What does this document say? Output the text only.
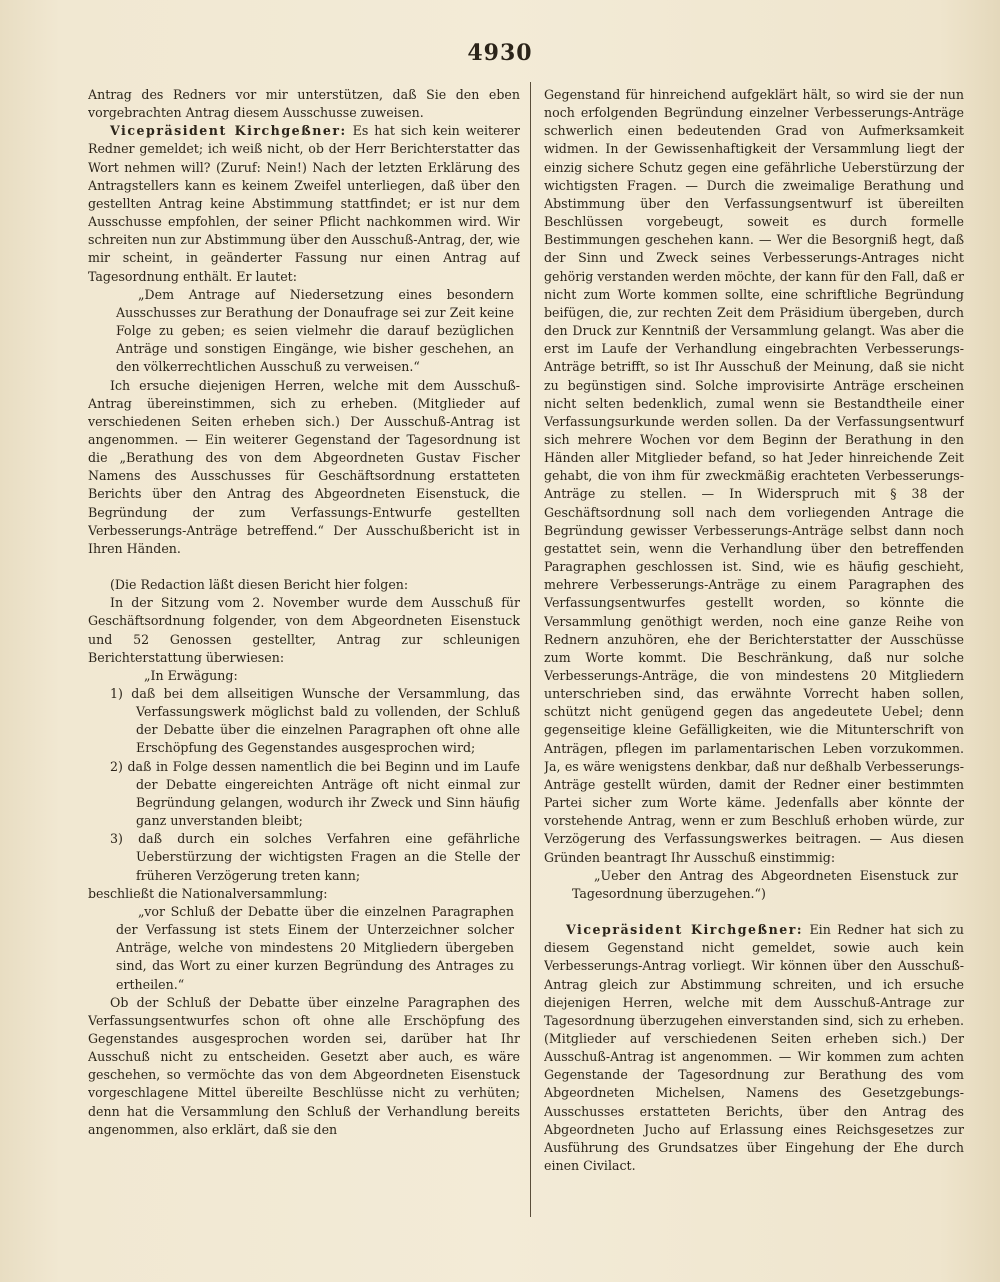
4930

Antrag des Redners vor mir unterstützen, daß Sie den eben vorgebrachten Antrag diesem Ausschusse zuweisen.

Vicepräsident Kirchgeßner: Es hat sich kein weiterer Redner gemeldet; ich weiß nicht, ob der Herr Berichterstatter das Wort nehmen will? (Zuruf: Nein!) Nach der letzten Erklärung des Antragstellers kann es keinem Zweifel unterliegen, daß über den gestellten Antrag keine Abstimmung stattfindet; er ist nur dem Ausschusse empfohlen, der seiner Pflicht nachkommen wird. Wir schreiten nun zur Abstimmung über den Ausschuß-Antrag, der, wie mir scheint, in geänderter Fassung nur einen Antrag auf Tagesordnung enthält. Er lautet:

„Dem Antrage auf Niedersetzung eines besondern Ausschusses zur Berathung der Donaufrage sei zur Zeit keine Folge zu geben; es seien vielmehr die darauf bezüglichen Anträge und sonstigen Eingänge, wie bisher geschehen, an den völkerrechtlichen Ausschuß zu verweisen.“

Ich ersuche diejenigen Herren, welche mit dem Ausschuß-Antrag übereinstimmen, sich zu erheben. (Mitglieder auf verschiedenen Seiten erheben sich.) Der Ausschuß-Antrag ist angenommen. — Ein weiterer Gegenstand der Tagesordnung ist die „Berathung des von dem Abgeordneten Gustav Fischer Namens des Ausschusses für Geschäftsordnung erstatteten Berichts über den Antrag des Abgeordneten Eisenstuck, die Begründung der zum Verfassungs-Entwurfe gestellten Verbesserungs-Anträge betreffend.“ Der Ausschußbericht ist in Ihren Händen.

(Die Redaction läßt diesen Bericht hier folgen:

In der Sitzung vom 2. November wurde dem Ausschuß für Geschäftsordnung folgender, von dem Abgeordneten Eisenstuck und 52 Genossen gestellter, Antrag zur schleunigen Berichterstattung überwiesen:

„In Erwägung:

1) daß bei dem allseitigen Wunsche der Versammlung, das Verfassungswerk möglichst bald zu vollenden, der Schluß der Debatte über die einzelnen Paragraphen oft ohne alle Erschöpfung des Gegenstandes ausgesprochen wird;

2) daß in Folge dessen namentlich die bei Beginn und im Laufe der Debatte eingereichten Anträge oft nicht einmal zur Begründung gelangen, wodurch ihr Zweck und Sinn häufig ganz unverstanden bleibt;

3) daß durch ein solches Verfahren eine gefährliche Ueberstürzung der wichtigsten Fragen an die Stelle der früheren Verzögerung treten kann;

beschließt die Nationalversammlung:

„vor Schluß der Debatte über die einzelnen Paragraphen der Verfassung ist stets Einem der Unterzeichner solcher Anträge, welche von mindestens 20 Mitgliedern übergeben sind, das Wort zu einer kurzen Begründung des Antrages zu ertheilen.“

Ob der Schluß der Debatte über einzelne Paragraphen des Verfassungsentwurfes schon oft ohne alle Erschöpfung des Gegenstandes ausgesprochen worden sei, darüber hat Ihr Ausschuß nicht zu entscheiden. Gesetzt aber auch, es wäre geschehen, so vermöchte das von dem Abgeordneten Eisenstuck vorgeschlagene Mittel übereilte Beschlüsse nicht zu verhüten; denn hat die Versammlung den Schluß der Verhandlung bereits angenommen, also erklärt, daß sie den

Gegenstand für hinreichend aufgeklärt hält, so wird sie der nun noch erfolgenden Begründung einzelner Verbesserungs-Anträge schwerlich einen bedeutenden Grad von Aufmerksamkeit widmen. In der Gewissenhaftigkeit der Versammlung liegt der einzig sichere Schutz gegen eine gefährliche Ueberstürzung der wichtigsten Fragen. — Durch die zweimalige Berathung und Abstimmung über den Verfassungsentwurf ist übereilten Beschlüssen vorgebeugt, soweit es durch formelle Bestimmungen geschehen kann. — Wer die Besorgniß hegt, daß der Sinn und Zweck seines Verbesserungs-Antrages nicht gehörig verstanden werden möchte, der kann für den Fall, daß er nicht zum Worte kommen sollte, eine schriftliche Begründung beifügen, die, zur rechten Zeit dem Präsidium übergeben, durch den Druck zur Kenntniß der Versammlung gelangt. Was aber die erst im Laufe der Verhandlung eingebrachten Verbesserungs-Anträge betrifft, so ist Ihr Ausschuß der Meinung, daß sie nicht zu begünstigen sind. Solche improvisirte Anträge erscheinen nicht selten bedenklich, zumal wenn sie Bestandtheile einer Verfassungsurkunde werden sollen. Da der Verfassungsentwurf sich mehrere Wochen vor dem Beginn der Berathung in den Händen aller Mitglieder befand, so hat Jeder hinreichende Zeit gehabt, die von ihm für zweckmäßig erachteten Verbesserungs-Anträge zu stellen. — In Widerspruch mit § 38 der Geschäftsordnung soll nach dem vorliegenden Antrage die Begründung gewisser Verbesserungs-Anträge selbst dann noch gestattet sein, wenn die Verhandlung über den betreffenden Paragraphen geschlossen ist. Sind, wie es häufig geschieht, mehrere Verbesserungs-Anträge zu einem Paragraphen des Verfassungsentwurfes gestellt worden, so könnte die Versammlung genöthigt werden, noch eine ganze Reihe von Rednern anzuhören, ehe der Berichterstatter der Ausschüsse zum Worte kommt. Die Beschränkung, daß nur solche Verbesserungs-Anträge, die von mindestens 20 Mitgliedern unterschrieben sind, das erwähnte Vorrecht haben sollen, schützt nicht genügend gegen das angedeutete Uebel; denn gegenseitige kleine Gefälligkeiten, wie die Mitunterschrift von Anträgen, pflegen im parlamentarischen Leben vorzukommen. Ja, es wäre wenigstens denkbar, daß nur deßhalb Verbesserungs-Anträge gestellt würden, damit der Redner einer bestimmten Partei sicher zum Worte käme. Jedenfalls aber könnte der vorstehende Antrag, wenn er zum Beschluß erhoben würde, zur Verzögerung des Verfassungswerkes beitragen. — Aus diesen Gründen beantragt Ihr Ausschuß einstimmig:

„Ueber den Antrag des Abgeordneten Eisenstuck zur Tagesordnung überzugehen.“)

Vicepräsident Kirchgeßner: Ein Redner hat sich zu diesem Gegenstand nicht gemeldet, sowie auch kein Verbesserungs-Antrag vorliegt. Wir können über den Ausschuß-Antrag gleich zur Abstimmung schreiten, und ich ersuche diejenigen Herren, welche mit dem Ausschuß-Antrage zur Tagesordnung überzugehen einverstanden sind, sich zu erheben. (Mitglieder auf verschiedenen Seiten erheben sich.) Der Ausschuß-Antrag ist angenommen. — Wir kommen zum achten Gegenstande der Tagesordnung zur Berathung des vom Abgeordneten Michelsen, Namens des Gesetzgebungs-Ausschusses erstatteten Berichts, über den Antrag des Abgeordneten Jucho auf Erlassung eines Reichsgesetzes zur Ausführung des Grundsatzes über Eingehung der Ehe durch einen Civilact.
